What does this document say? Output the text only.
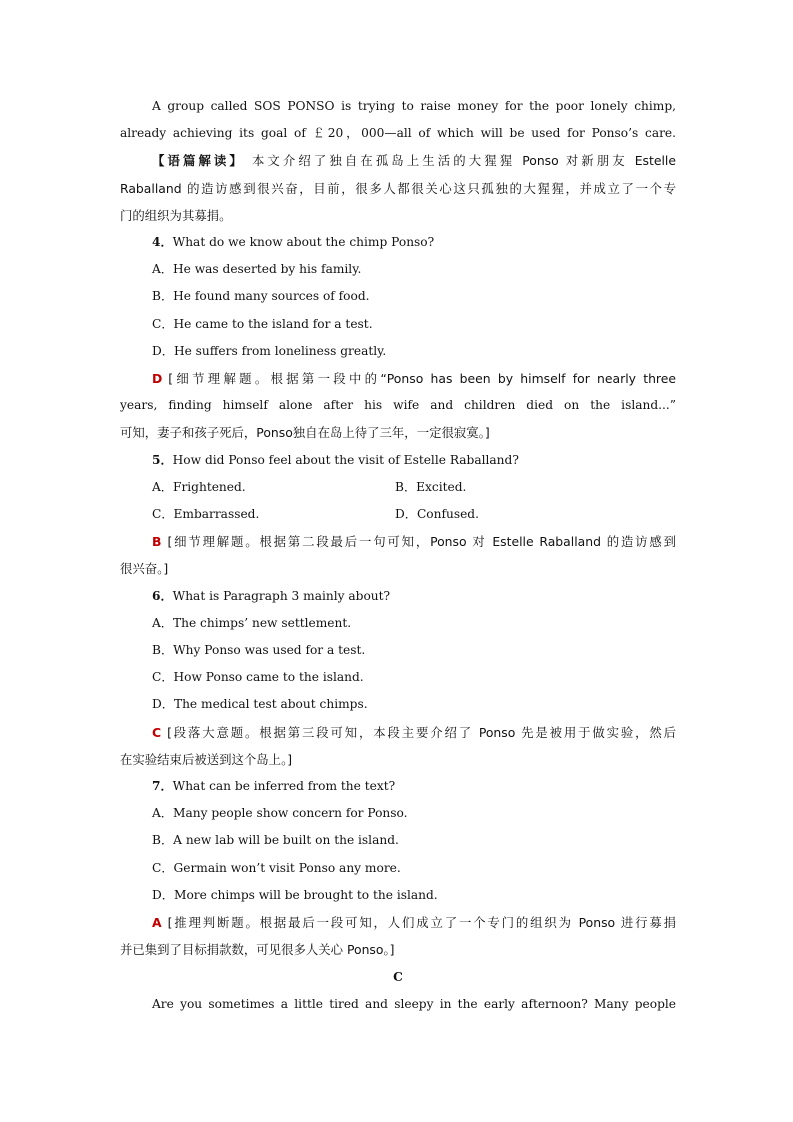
A group called SOS PONSO is trying to raise money for the poor lonely chimp,
already achieving its goal of ￡20，000—all of which will be used for Ponso’s care.
【语篇解读】 本文介绍了独自在孤岛上生活的大猩猩 Ponso 对新朋友 Estelle
Raballand 的造访感到很兴奋，目前，很多人都很关心这只孤独的大猩猩，并成立了一个专
门的组织为其募捐。
4．What do we know about the chimp Ponso?
A．He was deserted by his family.
B．He found many sources of food.
C．He came to the island for a test.
D．He suffers from loneliness greatly.
D [细节理解题。根据第一段中的“Ponso has been by himself for nearly three
years, finding himself alone after his wife and children died on the island...”
可知，妻子和孩子死后，Ponso独自在岛上待了三年，一定很寂寞。]
5．How did Ponso feel about the visit of Estelle Raballand?
A．Frightened.	B．Excited.
C．Embarrassed.	D．Confused.
B [细节理解题。根据第二段最后一句可知，Ponso 对 Estelle Raballand 的造访感到
很兴奋。]
6．What is Paragraph 3 mainly about?
A．The chimps’ new settlement.
B．Why Ponso was used for a test.
C．How Ponso came to the island.
D．The medical test about chimps.
C [段落大意题。根据第三段可知，本段主要介绍了 Ponso 先是被用于做实验，然后
在实验结束后被送到这个岛上。]
7．What can be inferred from the text?
A．Many people show concern for Ponso.
B．A new lab will be built on the island.
C．Germain won’t visit Ponso any more.
D．More chimps will be brought to the island.
A [推理判断题。根据最后一段可知，人们成立了一个专门的组织为 Ponso 进行募捐
并已集到了目标捐款数，可见很多人关心 Ponso。]
C
Are you sometimes a little tired and sleepy in the early afternoon? Many people
